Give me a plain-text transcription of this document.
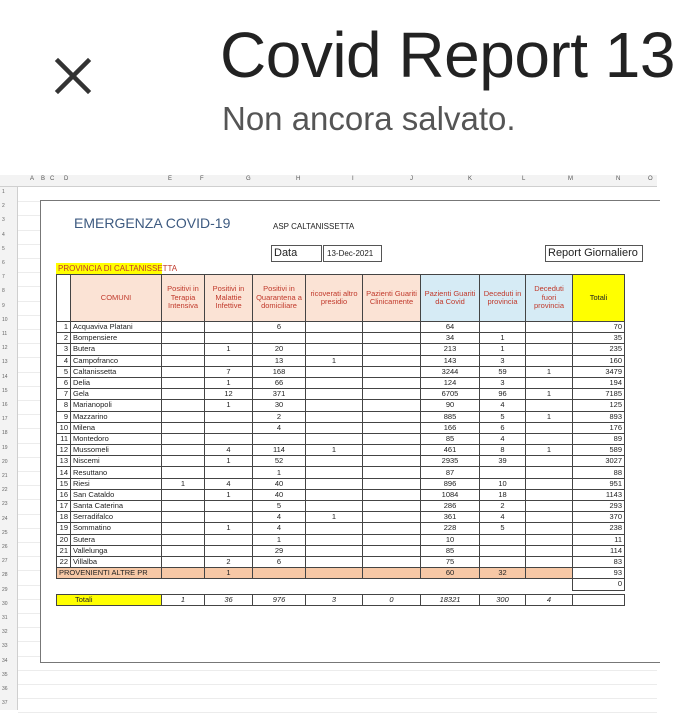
Covid Report 13
Non ancora salvato.
A B C D	E	F	G	H	I	J	K	L	M	N	O
1
2
3
4
5
6
7
8
9
10
11
12
13
14
15
16
17
18
19
20
21
22
23
24
25
26
27
28
29
30
31
32
33
34
35
36
37
EMERGENZA COVID-19	ASP CALTANISSETTA
Data	13-Dec-2021	Report Giornaliero
PROVINCIA DI CALTANISSETTA
	COMUNI	Positivi in Terapia Intensiva	Positivi in Malattie Infettive	Positivi in Quarantena a domiciliare	ricoverati altro presidio	Pazienti Guariti Clinicamente	Pazienti Guariti da Covid	Deceduti in provincia	Deceduti fuori provincia	Totali
1	Acquaviva Platani			6			64			70
2	Bompensiere						34	1		35
3	Butera		1	20			213	1		235
4	Campofranco			13	1		143	3		160
5	Caltanissetta		7	168			3244	59	1	3479
6	Delia		1	66			124	3		194
7	Gela		12	371			6705	96	1	7185
8	Marianopoli		1	30			90	4		125
9	Mazzarino			2			885	5	1	893
10	Milena			4			166	6		176
11	Montedoro						85	4		89
12	Mussomeli		4	114	1		461	8	1	589
13	Niscemi		1	52			2935	39		3027
14	Resuttano			1			87			88
15	Riesi	1	4	40			896	10		951
16	San Cataldo		1	40			1084	18		1143
17	Santa Caterina			5			286	2		293
18	Serradifalco			4	1		361	4		370
19	Sommatino		1	4			228	5		238
20	Sutera			1			10			11
21	Vallelunga			29			85			114
22	Villalba		2	6			75			83
PROVENIENTI ALTRE PR			1				60	32		93
										0

Totali		1	36	976	3	0	18321	300	4	
